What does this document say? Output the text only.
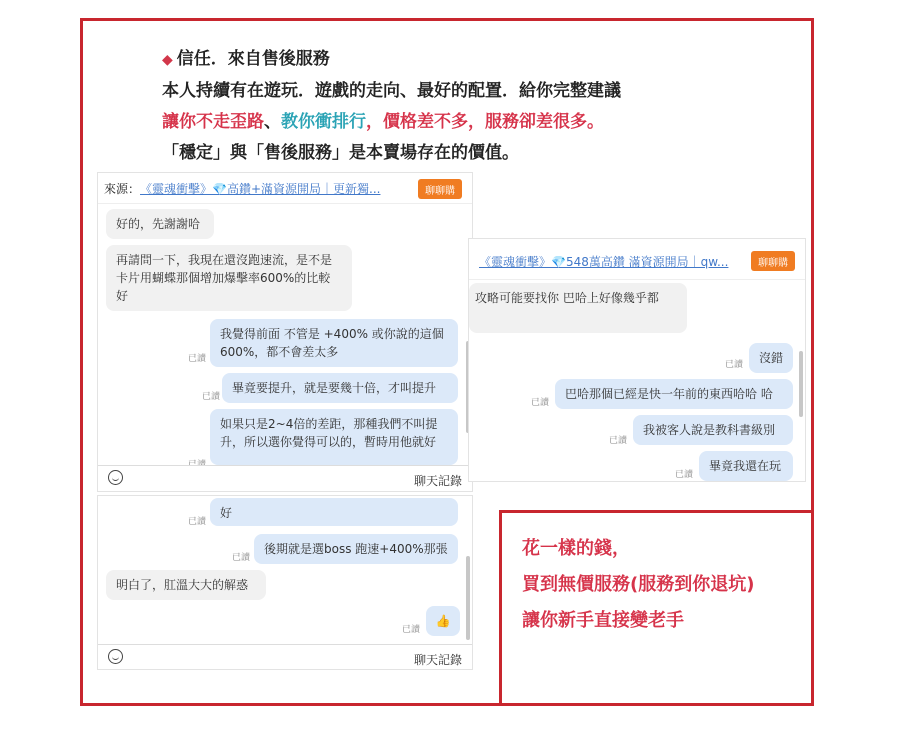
◆ 信任．來自售後服務
本人持續有在遊玩．遊戲的走向、最好的配置．給你完整建議
讓你不走歪路、教你衝排行，價格差不多，服務卻差很多。
「穩定」與「售後服務」是本賣場存在的價值。
來源： 《靈魂衝擊》💎高鑽+滿資源開局｜更新獨...	聊聊購
好的，先謝謝哈
再請問一下，我現在還沒跑速流，是不是卡片用蝴蝶那個增加爆擊率600%的比較好
已讀
我覺得前面 不管是 +400% 或你說的這個600%，都不會差太多
已讀
畢竟要提升，就是要幾十倍，才叫提升
如果只是2~4倍的差距，那種我們不叫提升，所以選你覺得可以的，暫時用他就好
聊天記錄
已讀
好
已讀
後期就是選boss 跑速+400%那張
明白了，肛溫大大的解惑
已讀
👍
聊天記錄
《靈魂衝擊》💎548萬高鑽 滿資源開局｜qw...	聊聊購
攻略可能要找你 巴哈上好像幾乎都
已讀	沒錯
已讀
巴哈那個已經是快一年前的東西哈哈 哈
已讀
我被客人說是教科書級別
已讀
畢竟我還在玩
花一樣的錢，
買到無價服務(服務到你退坑)
讓你新手直接變老手
